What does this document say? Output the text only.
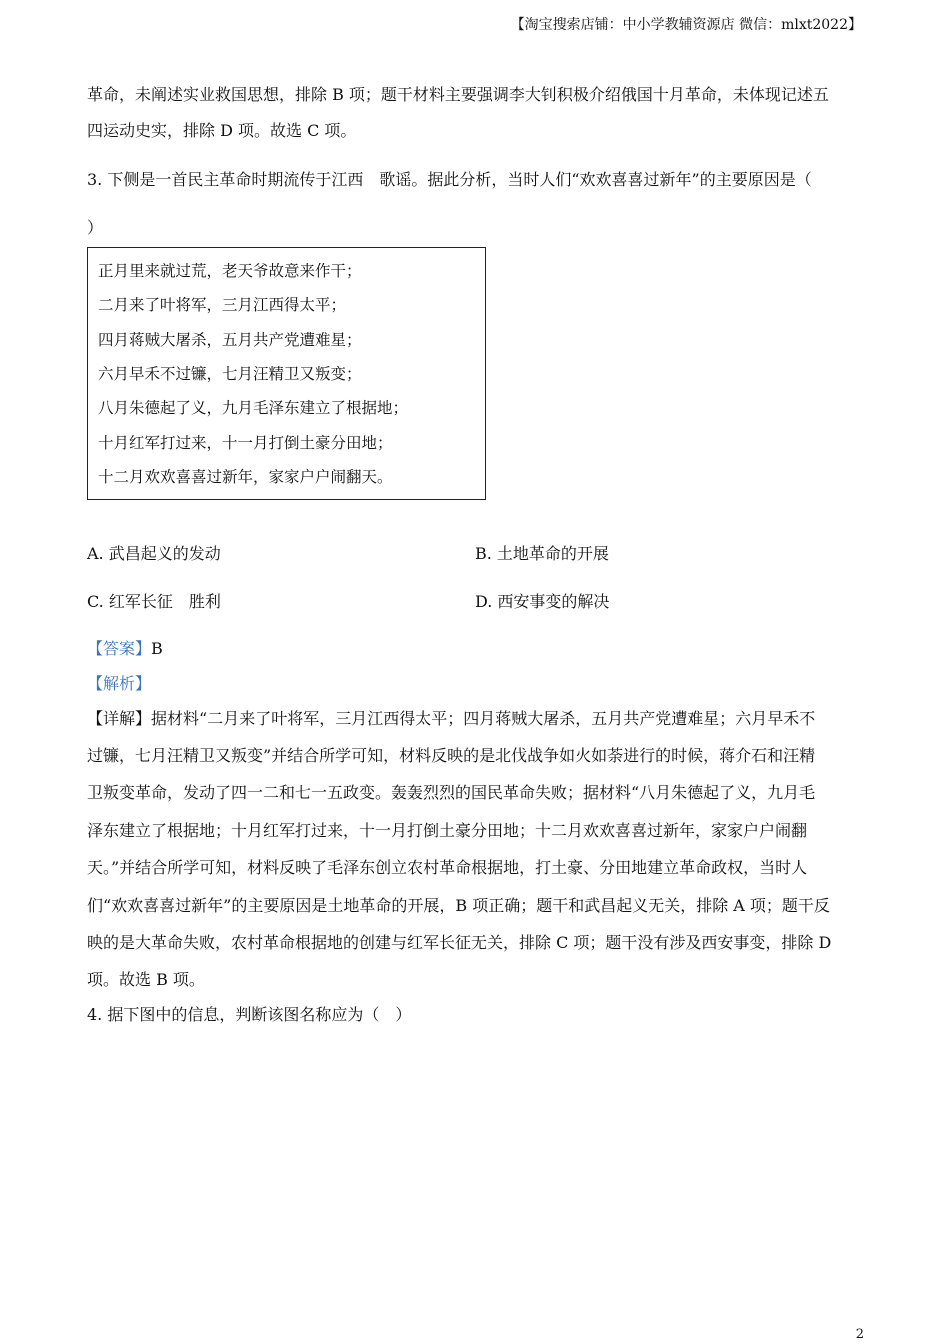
【淘宝搜索店铺：中小学教辅资源店 微信：mlxt2022】
革命，未阐述实业救国思想，排除 B 项；题干材料主要强调李大钊积极介绍俄国十月革命，未体现记述五
四运动史实，排除 D 项。故选 C 项。
3. 下侧是一首民主革命时期流传于江西　歌谣。据此分析，当时人们“欢欢喜喜过新年”的主要原因是（
）
正月里来就过荒，老天爷故意来作干；
二月来了叶将军，三月江西得太平；
四月蒋贼大屠杀，五月共产党遭难星；
六月早禾不过镰，七月汪精卫又叛变；
八月朱德起了义，九月毛泽东建立了根据地；
十月红军打过来，十一月打倒土豪分田地；
十二月欢欢喜喜过新年，家家户户闹翻天。
A. 武昌起义的发动	B. 土地革命的开展
C. 红军长征　胜利	D. 西安事变的解决
【答案】B
【解析】
【详解】据材料“二月来了叶将军，三月江西得太平；四月蒋贼大屠杀，五月共产党遭难星；六月早禾不
过镰，七月汪精卫又叛变”并结合所学可知，材料反映的是北伐战争如火如荼进行的时候，蒋介石和汪精
卫叛变革命，发动了四一二和七一五政变。轰轰烈烈的国民革命失败；据材料“八月朱德起了义，九月毛
泽东建立了根据地；十月红军打过来，十一月打倒土豪分田地；十二月欢欢喜喜过新年，家家户户闹翻
天。”并结合所学可知，材料反映了毛泽东创立农村革命根据地，打土豪、分田地建立革命政权，当时人
们“欢欢喜喜过新年”的主要原因是土地革命的开展，B 项正确；题干和武昌起义无关，排除 A 项；题干反
映的是大革命失败，农村革命根据地的创建与红军长征无关，排除 C 项；题干没有涉及西安事变，排除 D
项。故选 B 项。
4. 据下图中的信息，判断该图名称应为（　）
2
